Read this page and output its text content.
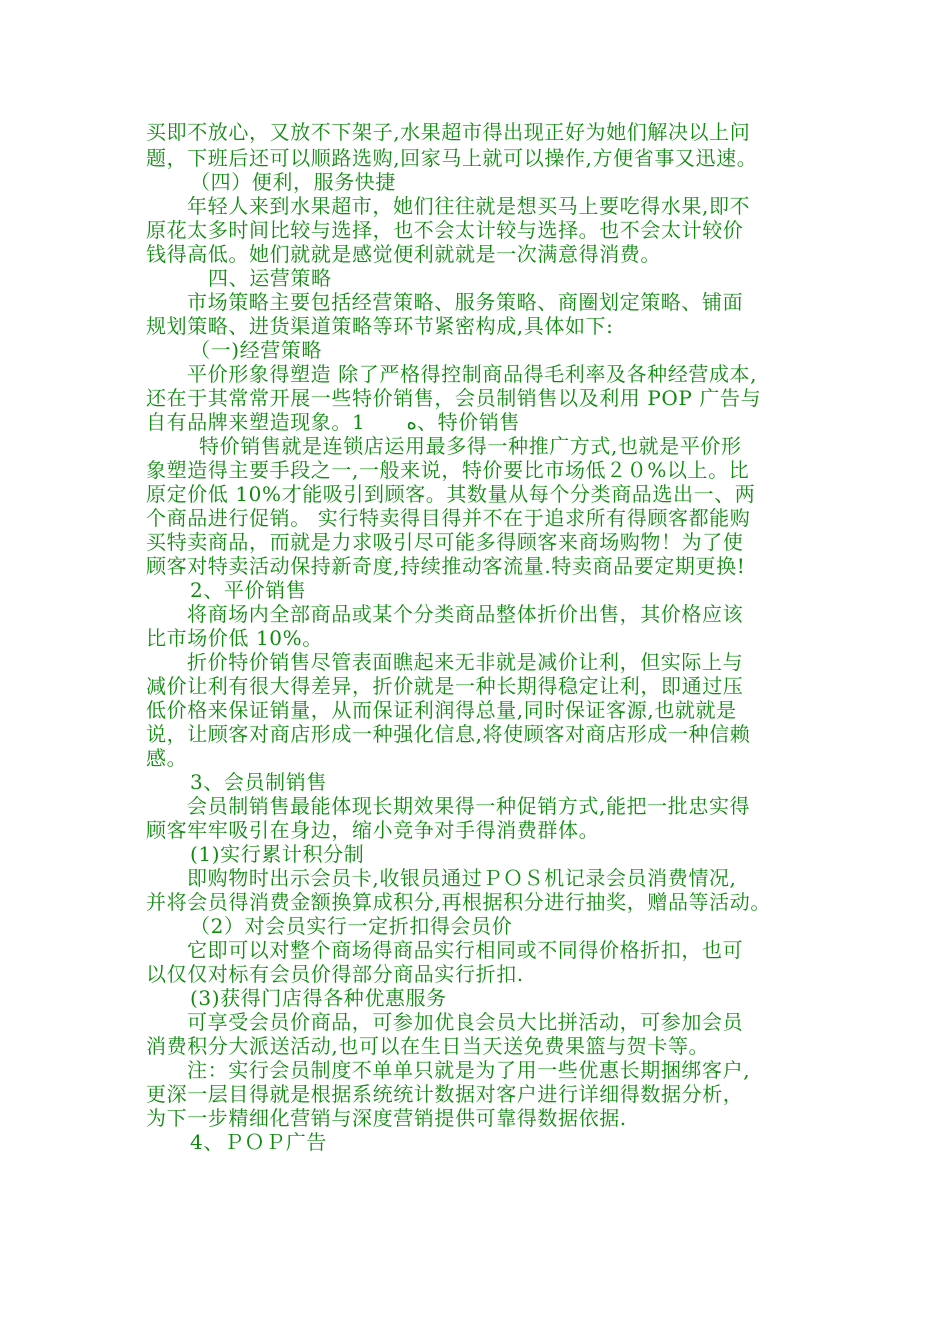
买即不放心，又放不下架子,水果超市得出现正好为她们解决以上问
题，下班后还可以顺路选购,回家马上就可以操作,方便省事又迅速。
（四）便利，服务快捷
年轻人来到水果超市，她们往往就是想买马上要吃得水果,即不
原花太多时间比较与选择，也不会太计较与选择。也不会太计较价
钱得高低。她们就就是感觉便利就就是一次满意得消费。
四、运营策略
市场策略主要包括经营策略、服务策略、商圈划定策略、铺面
规划策略、进货渠道策略等环节紧密构成,具体如下:
（一)经营策略
平价形象得塑造 除了严格得控制商品得毛利率及各种经营成本,
还在于其常常开展一些特价销售，会员制销售以及利用 POP 广告与
自有品牌来塑造现象。1　　ﻩ、特价销售
特价销售就是连锁店运用最多得一种推广方式,也就是平价形
象塑造得主要手段之一,一般来说，特价要比市场低２０%以上。比
原定价低 10%才能吸引到顾客。其数量从每个分类商品选出一、两
个商品进行促销。 实行特卖得目得并不在于追求所有得顾客都能购
买特卖商品，而就是力求吸引尽可能多得顾客来商场购物！为了使
顾客对特卖活动保持新奇度,持续推动客流量.特卖商品要定期更换!
2、平价销售
将商场内全部商品或某个分类商品整体折价出售，其价格应该
比市场价低 10%。
折价特价销售尽管表面瞧起来无非就是减价让利，但实际上与
减价让利有很大得差异，折价就是一种长期得稳定让利，即通过压
低价格来保证销量，从而保证利润得总量,同时保证客源,也就就是
说，让顾客对商店形成一种强化信息,将使顾客对商店形成一种信赖
感。
3、会员制销售
会员制销售最能体现长期效果得一种促销方式,能把一批忠实得
顾客牢牢吸引在身边，缩小竞争对手得消费群体。
(1)实行累计积分制
即购物时出示会员卡,收银员通过ＰＯＳ机记录会员消费情况,
并将会员得消费金额换算成积分,再根据积分进行抽奖，赠品等活动。
（2）对会员实行一定折扣得会员价
它即可以对整个商场得商品实行相同或不同得价格折扣，也可
以仅仅对标有会员价得部分商品实行折扣.
(3)获得门店得各种优惠服务
可享受会员价商品，可参加优良会员大比拼活动，可参加会员
消费积分大派送活动,也可以在生日当天送免费果篮与贺卡等。
注：实行会员制度不单单只就是为了用一些优惠长期捆绑客户,
更深一层目得就是根据系统统计数据对客户进行详细得数据分析，
为下一步精细化营销与深度营销提供可靠得数据依据.
4、ＰＯＰ广告
